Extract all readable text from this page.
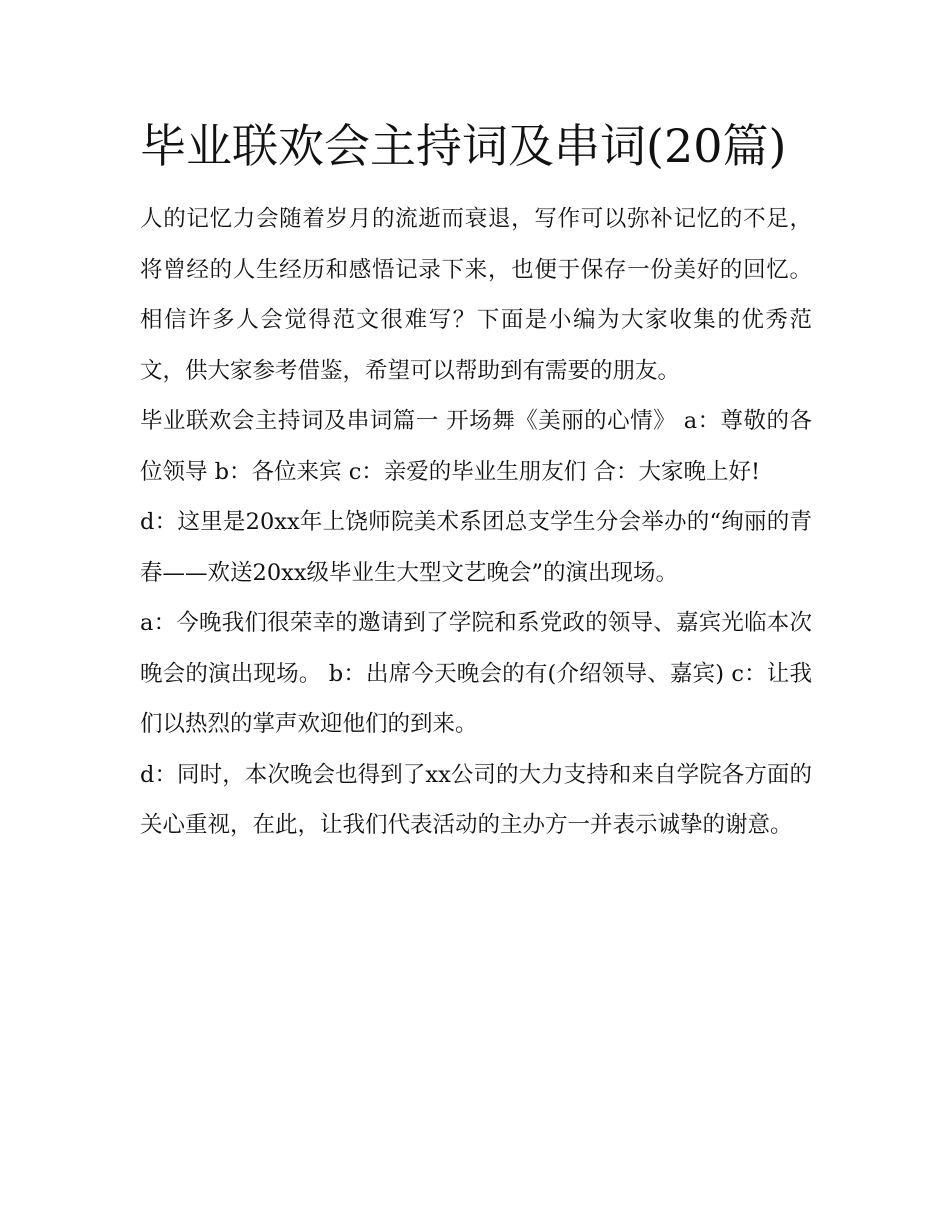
毕业联欢会主持词及串词(20篇)

人的记忆力会随着岁月的流逝而衰退，写作可以弥补记忆的不足，将曾经的人生经历和感悟记录下来，也便于保存一份美好的回忆。相信许多人会觉得范文很难写？下面是小编为大家收集的优秀范文，供大家参考借鉴，希望可以帮助到有需要的朋友。

毕业联欢会主持词及串词篇一 开场舞《美丽的心情》 a：尊敬的各位领导 b：各位来宾 c：亲爱的毕业生朋友们 合：大家晚上好!

d：这里是20xx年上饶师院美术系团总支学生分会举办的“绚丽的青春——欢送20xx级毕业生大型文艺晚会”的演出现场。

a：今晚我们很荣幸的邀请到了学院和系党政的领导、嘉宾光临本次晚会的演出现场。 b：出席今天晚会的有(介绍领导、嘉宾) c：让我们以热烈的掌声欢迎他们的到来。

d：同时，本次晚会也得到了xx公司的大力支持和来自学院各方面的关心重视，在此，让我们代表活动的主办方一并表示诚挚的谢意。
